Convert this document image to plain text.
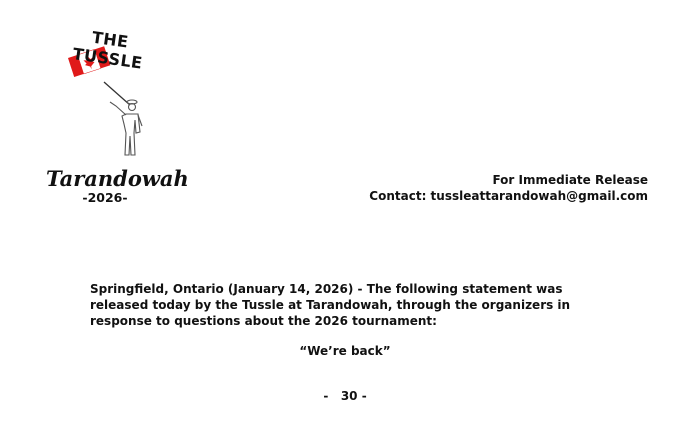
THE TUSSLE
Tarandowah
-2026-
For Immediate Release
Contact: tussleattarandowah@gmail.com
Springfield, Ontario (January 14, 2026) - The following statement was released today by the Tussle at Tarandowah, through the organizers in response to questions about the 2026 tournament:
“We’re back”
-   30 -
